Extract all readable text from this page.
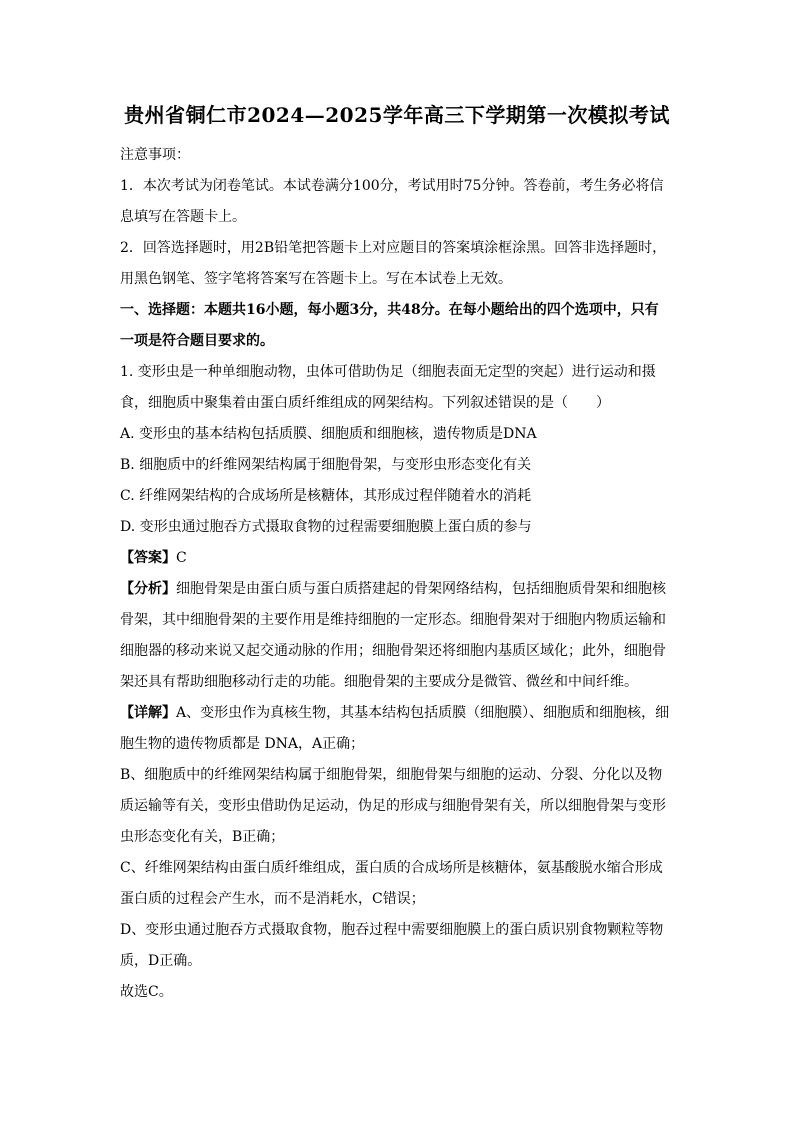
贵州省铜仁市2024—2025学年高三下学期第一次模拟考试

注意事项：

1．本次考试为闭卷笔试。本试卷满分100分，考试用时75分钟。答卷前，考生务必将信

息填写在答题卡上。

2．回答选择题时，用2B铅笔把答题卡上对应题目的答案填涂框涂黑。回答非选择题时，

用黑色钢笔、签字笔将答案写在答题卡上。写在本试卷上无效。

一、选择题：本题共16小题，每小题3分，共48分。在每小题给出的四个选项中，只有

一项是符合题目要求的。

1. 变形虫是一种单细胞动物，虫体可借助伪足（细胞表面无定型的突起）进行运动和摄

食，细胞质中聚集着由蛋白质纤维组成的网架结构。下列叙述错误的是（　　）

A. 变形虫的基本结构包括质膜、细胞质和细胞核，遗传物质是DNA

B. 细胞质中的纤维网架结构属于细胞骨架，与变形虫形态变化有关

C. 纤维网架结构的合成场所是核糖体，其形成过程伴随着水的消耗

D. 变形虫通过胞吞方式摄取食物的过程需要细胞膜上蛋白质的参与

【答案】C

【分析】细胞骨架是由蛋白质与蛋白质搭建起的骨架网络结构，包括细胞质骨架和细胞核

骨架，其中细胞骨架的主要作用是维持细胞的一定形态。细胞骨架对于细胞内物质运输和

细胞器的移动来说又起交通动脉的作用；细胞骨架还将细胞内基质区域化；此外，细胞骨

架还具有帮助细胞移动行走的功能。细胞骨架的主要成分是微管、微丝和中间纤维。

【详解】A、变形虫作为真核生物，其基本结构包括质膜（细胞膜）、细胞质和细胞核，细

胞生物的遗传物质都是 DNA，A正确；

B、细胞质中的纤维网架结构属于细胞骨架，细胞骨架与细胞的运动、分裂、分化以及物

质运输等有关，变形虫借助伪足运动，伪足的形成与细胞骨架有关，所以细胞骨架与变形

虫形态变化有关，B正确；

C、纤维网架结构由蛋白质纤维组成，蛋白质的合成场所是核糖体，氨基酸脱水缩合形成

蛋白质的过程会产生水，而不是消耗水，C错误；

D、变形虫通过胞吞方式摄取食物，胞吞过程中需要细胞膜上的蛋白质识别食物颗粒等物

质，D正确。

故选C。
